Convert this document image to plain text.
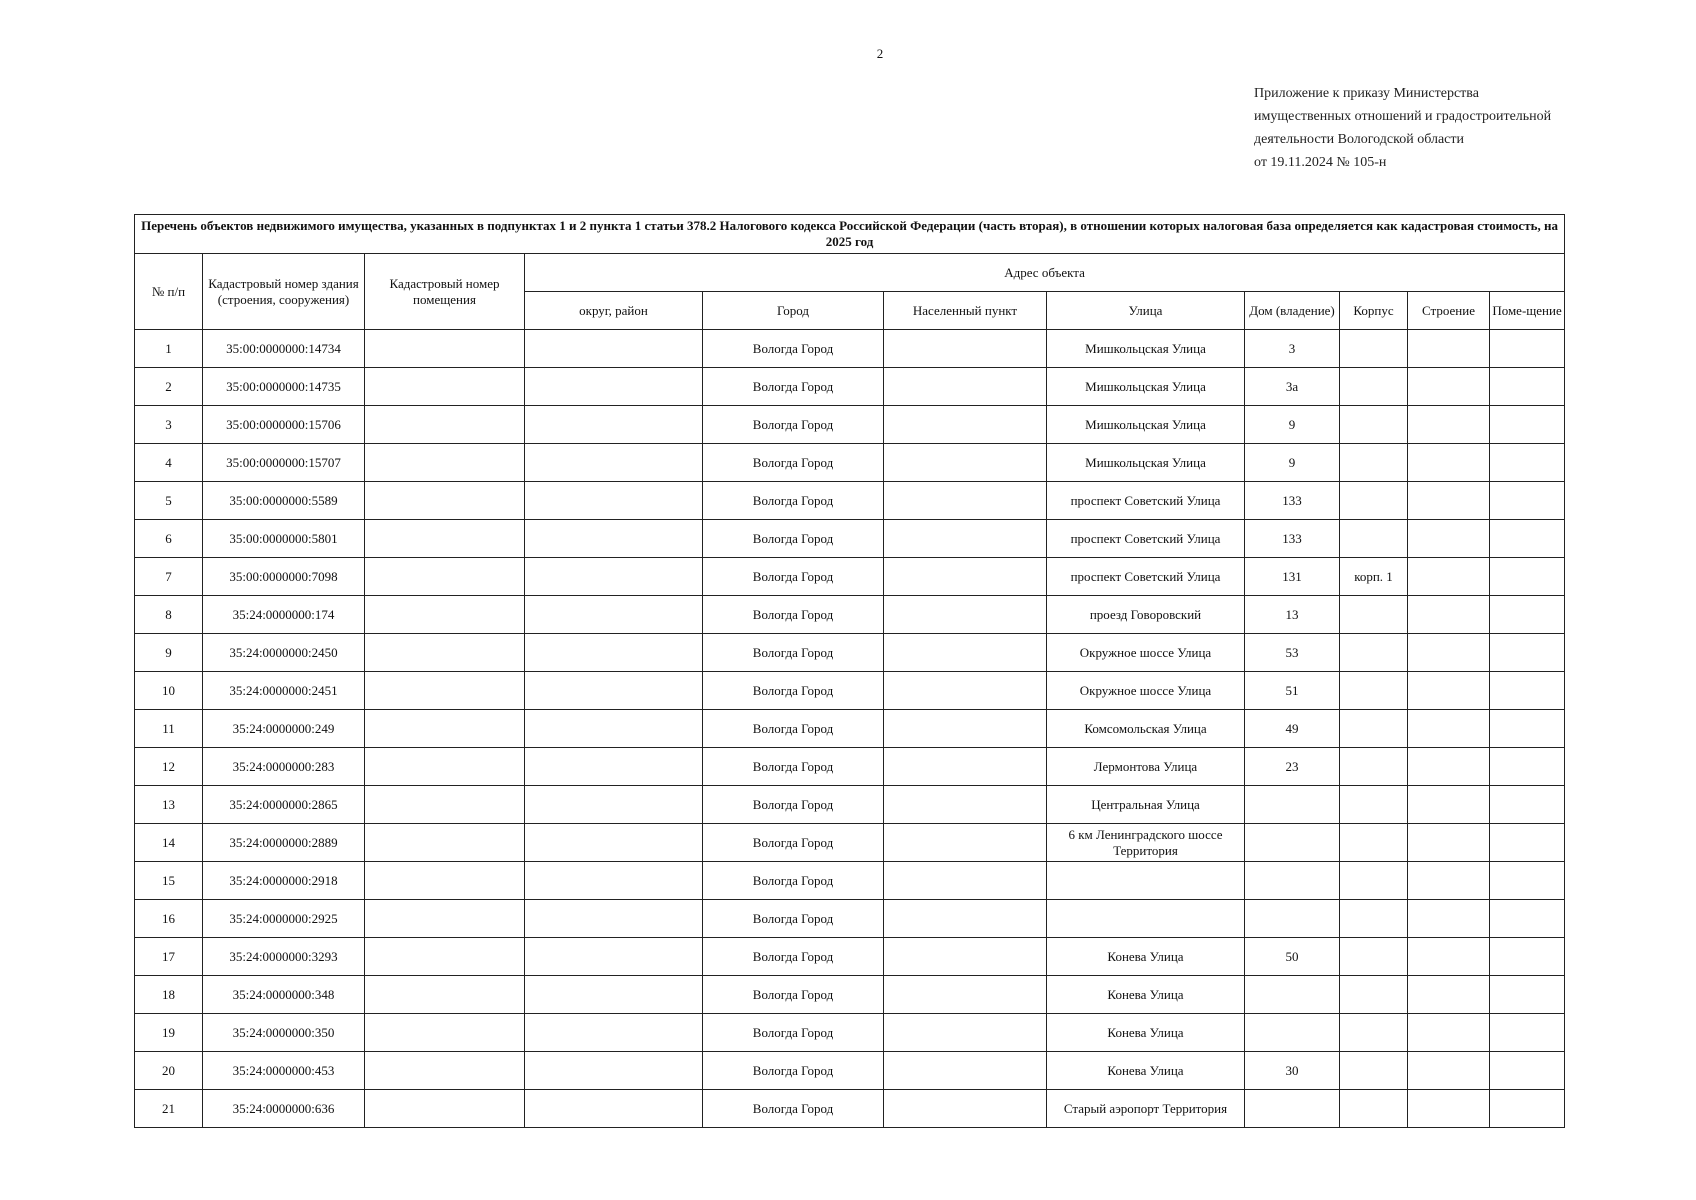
2
Приложение к приказу Министерства
имущественных отношений и градостроительной
деятельности Вологодской области
от 19.11.2024 № 105-н
Перечень объектов недвижимого имущества, указанных в подпунктах 1 и 2 пункта 1 статьи 378.2 Налогового кодекса Российской Федерации (часть вторая), в отношении которых налоговая база определяется как кадастровая стоимость, на 2025 год										
№ п/п	Кадастровый номер здания (строения, сооружения)	Кадастровый номер помещения	Адрес объекта							
			округ, район	Город	Населенный пункт	Улица	Дом (владение)	Корпус	Строение	Поме-щение
1	35:00:0000000:14734			Вологда Город		Мишкольцская Улица	3			
2	35:00:0000000:14735			Вологда Город		Мишкольцская Улица	3а			
3	35:00:0000000:15706			Вологда Город		Мишкольцская Улица	9			
4	35:00:0000000:15707			Вологда Город		Мишкольцская Улица	9			
5	35:00:0000000:5589			Вологда Город		проспект Советский Улица	133			
6	35:00:0000000:5801			Вологда Город		проспект Советский Улица	133			
7	35:00:0000000:7098			Вологда Город		проспект Советский Улица	131	корп. 1		
8	35:24:0000000:174			Вологда Город		проезд Говоровский	13			
9	35:24:0000000:2450			Вологда Город		Окружное шоссе Улица	53			
10	35:24:0000000:2451			Вологда Город		Окружное шоссе Улица	51			
11	35:24:0000000:249			Вологда Город		Комсомольская Улица	49			
12	35:24:0000000:283			Вологда Город		Лермонтова Улица	23			
13	35:24:0000000:2865			Вологда Город		Центральная Улица				
14	35:24:0000000:2889			Вологда Город		6 км Ленинградского шоссе Территория				
15	35:24:0000000:2918			Вологда Город						
16	35:24:0000000:2925			Вологда Город						
17	35:24:0000000:3293			Вологда Город		Конева Улица	50			
18	35:24:0000000:348			Вологда Город		Конева Улица				
19	35:24:0000000:350			Вологда Город		Конева Улица				
20	35:24:0000000:453			Вологда Город		Конева Улица	30			
21	35:24:0000000:636			Вологда Город		Старый аэропорт Территория				
